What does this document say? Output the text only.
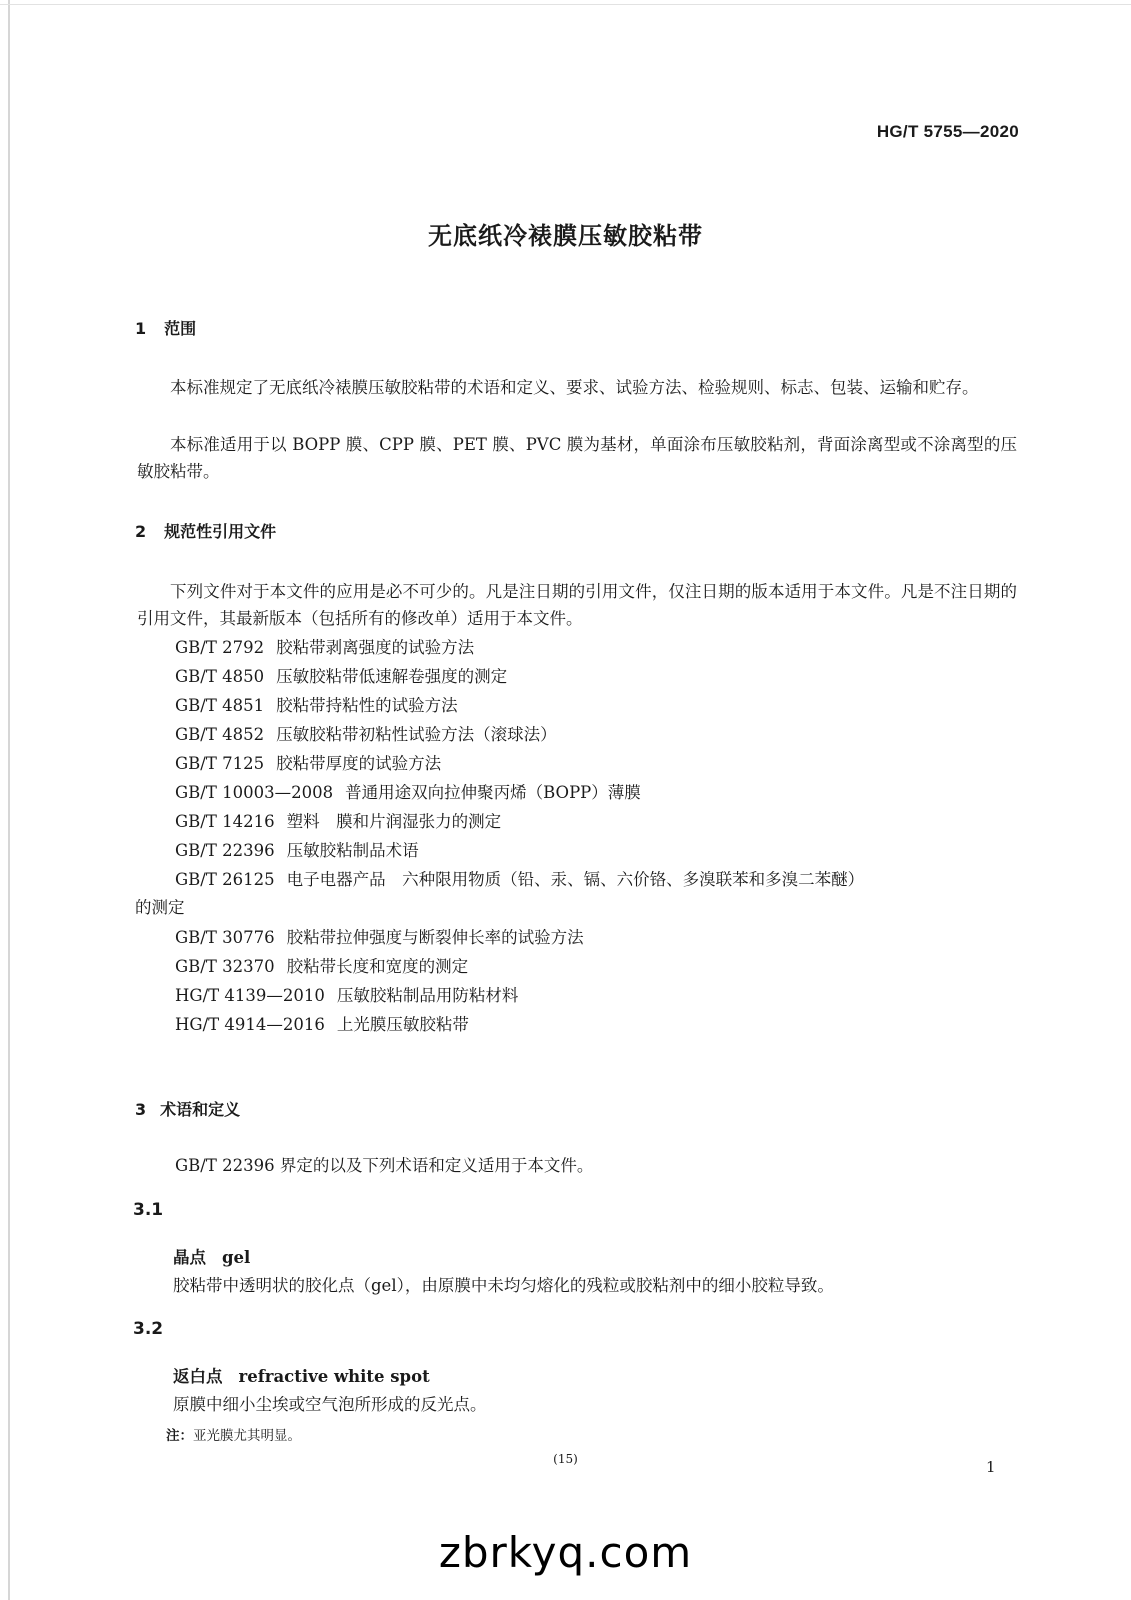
HG/T 5755—2020
无底纸冷裱膜压敏胶粘带
1 范围
本标准规定了无底纸冷裱膜压敏胶粘带的术语和定义、要求、试验方法、检验规则、标志、包装、运输和贮存。
本标准适用于以 BOPP 膜、CPP 膜、PET 膜、PVC 膜为基材，单面涂布压敏胶粘剂，背面涂离型或不涂离型的压敏胶粘带。
2 规范性引用文件
下列文件对于本文件的应用是必不可少的。凡是注日期的引用文件，仅注日期的版本适用于本文件。凡是不注日期的引用文件，其最新版本（包括所有的修改单）适用于本文件。
GB/T 2792 胶粘带剥离强度的试验方法
GB/T 4850 压敏胶粘带低速解卷强度的测定
GB/T 4851 胶粘带持粘性的试验方法
GB/T 4852 压敏胶粘带初粘性试验方法（滚球法）
GB/T 7125 胶粘带厚度的试验方法
GB/T 10003—2008 普通用途双向拉伸聚丙烯（BOPP）薄膜
GB/T 14216 塑料　膜和片润湿张力的测定
GB/T 22396 压敏胶粘制品术语
GB/T 26125 电子电器产品　六种限用物质（铅、汞、镉、六价铬、多溴联苯和多溴二苯醚）
的测定
GB/T 30776 胶粘带拉伸强度与断裂伸长率的试验方法
GB/T 32370 胶粘带长度和宽度的测定
HG/T 4139—2010 压敏胶粘制品用防粘材料
HG/T 4914—2016 上光膜压敏胶粘带
3 术语和定义
GB/T 22396 界定的以及下列术语和定义适用于本文件。
3.1
晶点 gel
胶粘带中透明状的胶化点（gel），由原膜中未均匀熔化的残粒或胶粘剂中的细小胶粒导致。
3.2
返白点 refractive white spot
原膜中细小尘埃或空气泡所形成的反光点。
注：亚光膜尤其明显。
(15)	1
zbrkyq.com
